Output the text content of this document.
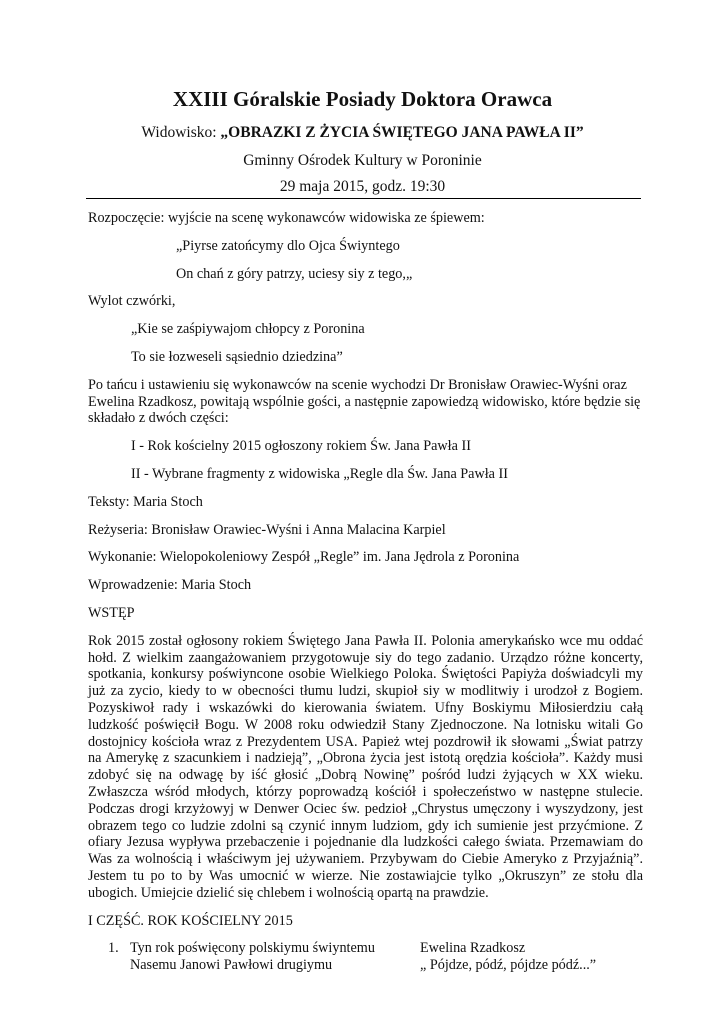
XXIII Góralskie Posiady Doktora Orawca
Widowisko: „OBRAZKI Z ŻYCIA ŚWIĘTEGO JANA PAWŁA II”
Gminny Ośrodek Kultury w Poroninie
29 maja 2015, godz. 19:30

Rozpoczęcie: wyjście na scenę wykonawców widowiska ze śpiewem:

„Piyrse zatońcymy dlo Ojca Świyntego

On chań z góry patrzy, uciesy siy z tego,„

Wylot czwórki,

„Kie se zaśpiywajom chłopcy z Poronina

To sie łozweseli sąsiednio dziedzina”

Po tańcu i ustawieniu się wykonawców na scenie wychodzi Dr Bronisław Orawiec-Wyśni oraz Ewelina Rzadkosz, powitają wspólnie gości, a następnie zapowiedzą widowisko, które będzie się składało z dwóch części:

I - Rok kościelny 2015 ogłoszony rokiem Św. Jana Pawła II

II - Wybrane fragmenty z widowiska „Regle dla Św. Jana Pawła II

Teksty: Maria Stoch

Reżyseria: Bronisław Orawiec-Wyśni i Anna Malacina Karpiel

Wykonanie: Wielopokoleniowy Zespół „Regle” im. Jana Jędrola z Poronina

Wprowadzenie: Maria Stoch

WSTĘP

Rok 2015 został ogłosony rokiem Świętego Jana Pawła II. Polonia amerykańsko wce mu oddać hołd. Z wielkim zaangażowaniem przygotowuje siy do tego zadanio. Urządzo różne koncerty, spotkania, konkursy poświyncone osobie Wielkiego Poloka. Świętości Papiyża doświadcyli my już za zycio, kiedy to w obecności tłumu ludzi, skupioł siy w modlitwiy i urodzoł z Bogiem. Pozyskiwoł rady i wskazówki do kierowania światem. Ufny Boskiymu Miłosierdziu całą ludzkość poświęcił Bogu. W 2008 roku odwiedził Stany Zjednoczone. Na lotnisku witali Go dostojnicy kościoła wraz z Prezydentem USA. Papież wtej pozdrowił ik słowami „Świat patrzy na Amerykę z szacunkiem i nadzieją”, „Obrona życia jest istotą orędzia kościoła”. Każdy musi zdobyć się na odwagę by iść głosić „Dobrą Nowinę” pośród ludzi żyjących w XX wieku. Zwłaszcza wśród młodych, którzy poprowadzą kościół i społeczeństwo w następne stulecie. Podczas drogi krzyżowyj w Denwer Ociec św. pedzioł „Chrystus umęczony i wyszydzony, jest obrazem tego co ludzie zdolni są czynić innym ludziom, gdy ich sumienie jest przyćmione. Z ofiary Jezusa wypływa przebaczenie i pojednanie dla ludzkości całego świata. Przemawiam do Was za wolnością i właściwym jej używaniem. Przybywam do Ciebie Ameryko z Przyjaźnią”. Jestem tu po to by Was umocnić w wierze. Nie zostawiajcie tylko „Okruszyn” ze stołu dla ubogich. Umiejcie dzielić się chlebem i wolnością opartą na prawdzie.

I CZĘŚĆ. ROK KOŚCIELNY 2015

1. Tyn rok poświęcony polskiymu świyntemu
Nasemu Janowi Pawłowi drugiymu
Ewelina Rzadkosz
„ Pójdze, pódź, pójdze pódź...”
